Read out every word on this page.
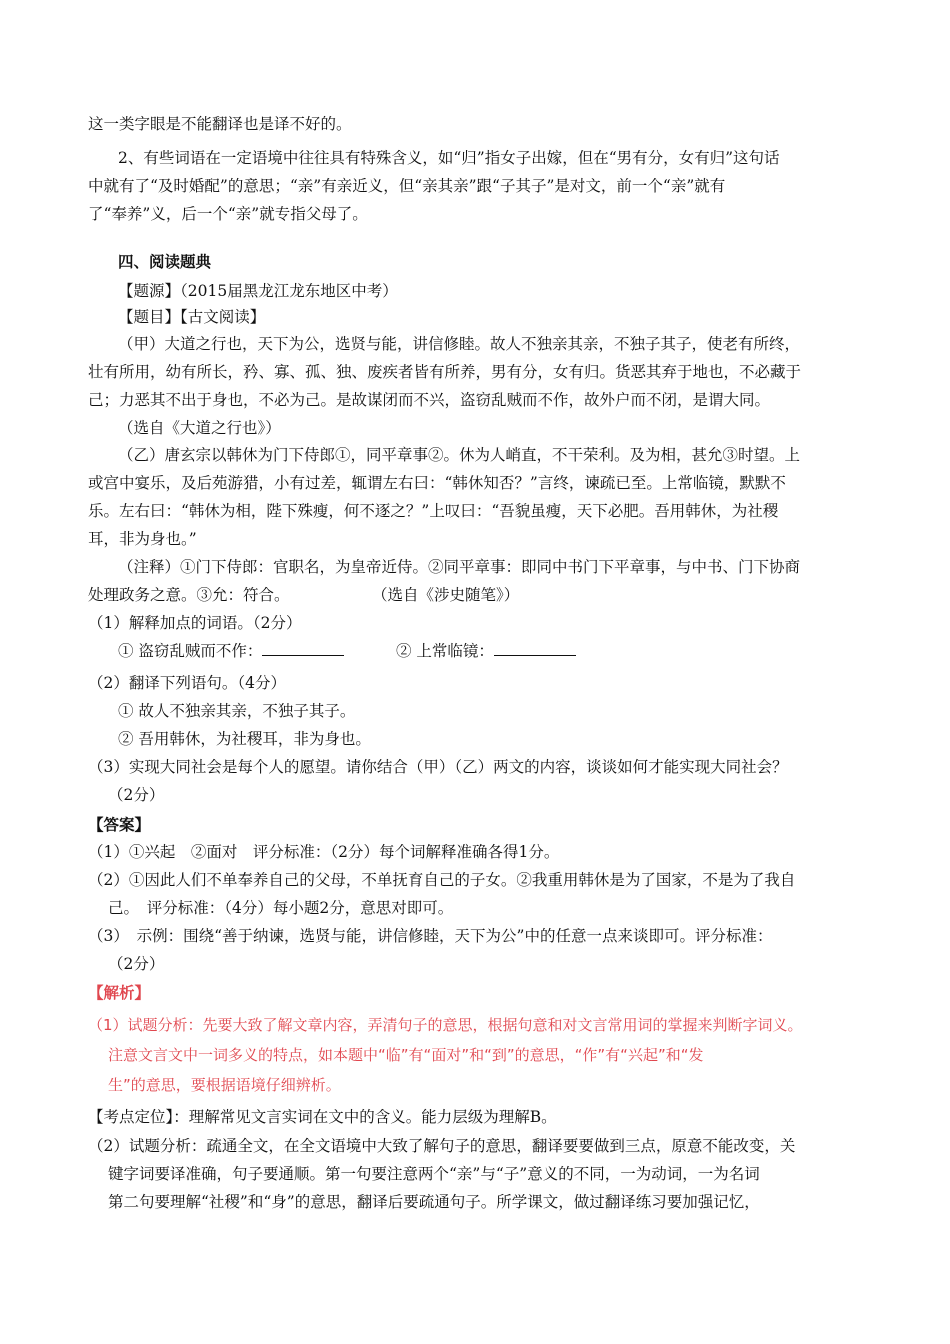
这一类字眼是不能翻译也是译不好的。
2、有些词语在一定语境中往往具有特殊含义，如“归”指女子出嫁，但在“男有分，女有归”这句话
中就有了“及时婚配”的意思；“亲”有亲近义，但“亲其亲”跟“子其子”是对文，前一个“亲”就有
了“奉养”义，后一个“亲”就专指父母了。
四、阅读题典
【题源】（2015届黑龙江龙东地区中考）
【题目】【古文阅读】
（甲）大道之行也，天下为公，选贤与能，讲信修睦。故人不独亲其亲，不独子其子，使老有所终，
壮有所用，幼有所长，矜、寡、孤、独、废疾者皆有所养，男有分，女有归。货恶其弃于地也，不必藏于
己；力恶其不出于身也，不必为己。是故谋闭而不兴，盗窃乱贼而不作，故外户而不闭，是谓大同。
（选自《大道之行也》）
（乙）唐玄宗以韩休为门下侍郎①，同平章事②。休为人峭直，不干荣利。及为相，甚允③时望。上
或宫中宴乐，及后苑游猎，小有过差，辄谓左右曰：“韩休知否？”言终，谏疏已至。上常临镜，默默不
乐。左右曰：“韩休为相，陛下殊瘦，何不逐之？”上叹曰：“吾貌虽瘦，天下必肥。吾用韩休，为社稷
耳，非为身也。”
（注释）①门下侍郎：官职名，为皇帝近侍。②同平章事：即同中书门下平章事，与中书、门下协商
处理政务之意。③允：符合。	（选自《涉史随笔》）
（1）解释加点的词语。（2分）
① 盗窃乱贼而不作：	② 上常临镜：
（2）翻译下列语句。（4分）
① 故人不独亲其亲，不独子其子。
② 吾用韩休，为社稷耳，非为身也。
（3）实现大同社会是每个人的愿望。请你结合（甲）（乙）两文的内容，谈谈如何才能实现大同社会？
（2分）
【答案】
（1）①兴起　②面对　评分标准：（2分）每个词解释准确各得1分。
（2）①因此人们不单奉养自己的父母，不单抚育自己的子女。②我重用韩休是为了国家，不是为了我自
己。　评分标准：（4分）每小题2分，意思对即可。
（3）　示例：围绕“善于纳谏，选贤与能，讲信修睦，天下为公”中的任意一点来谈即可。评分标准：
（2分）
【解析】
（1）试题分析：先要大致了解文章内容，弄清句子的意思，根据句意和对文言常用词的掌握来判断字词义。
注意文言文中一词多义的特点，如本题中“临”有“面对”和“到”的意思，“作”有“兴起”和“发
生”的意思，要根据语境仔细辨析。
【考点定位】：理解常见文言实词在文中的含义。能力层级为理解B。
（2）试题分析：疏通全文，在全文语境中大致了解句子的意思，翻译要要做到三点，原意不能改变，关
键字词要译准确，句子要通顺。第一句要注意两个“亲”与“子”意义的不同，一为动词，一为名词
第二句要理解“社稷”和“身”的意思，翻译后要疏通句子。所学课文，做过翻译练习要加强记忆，
